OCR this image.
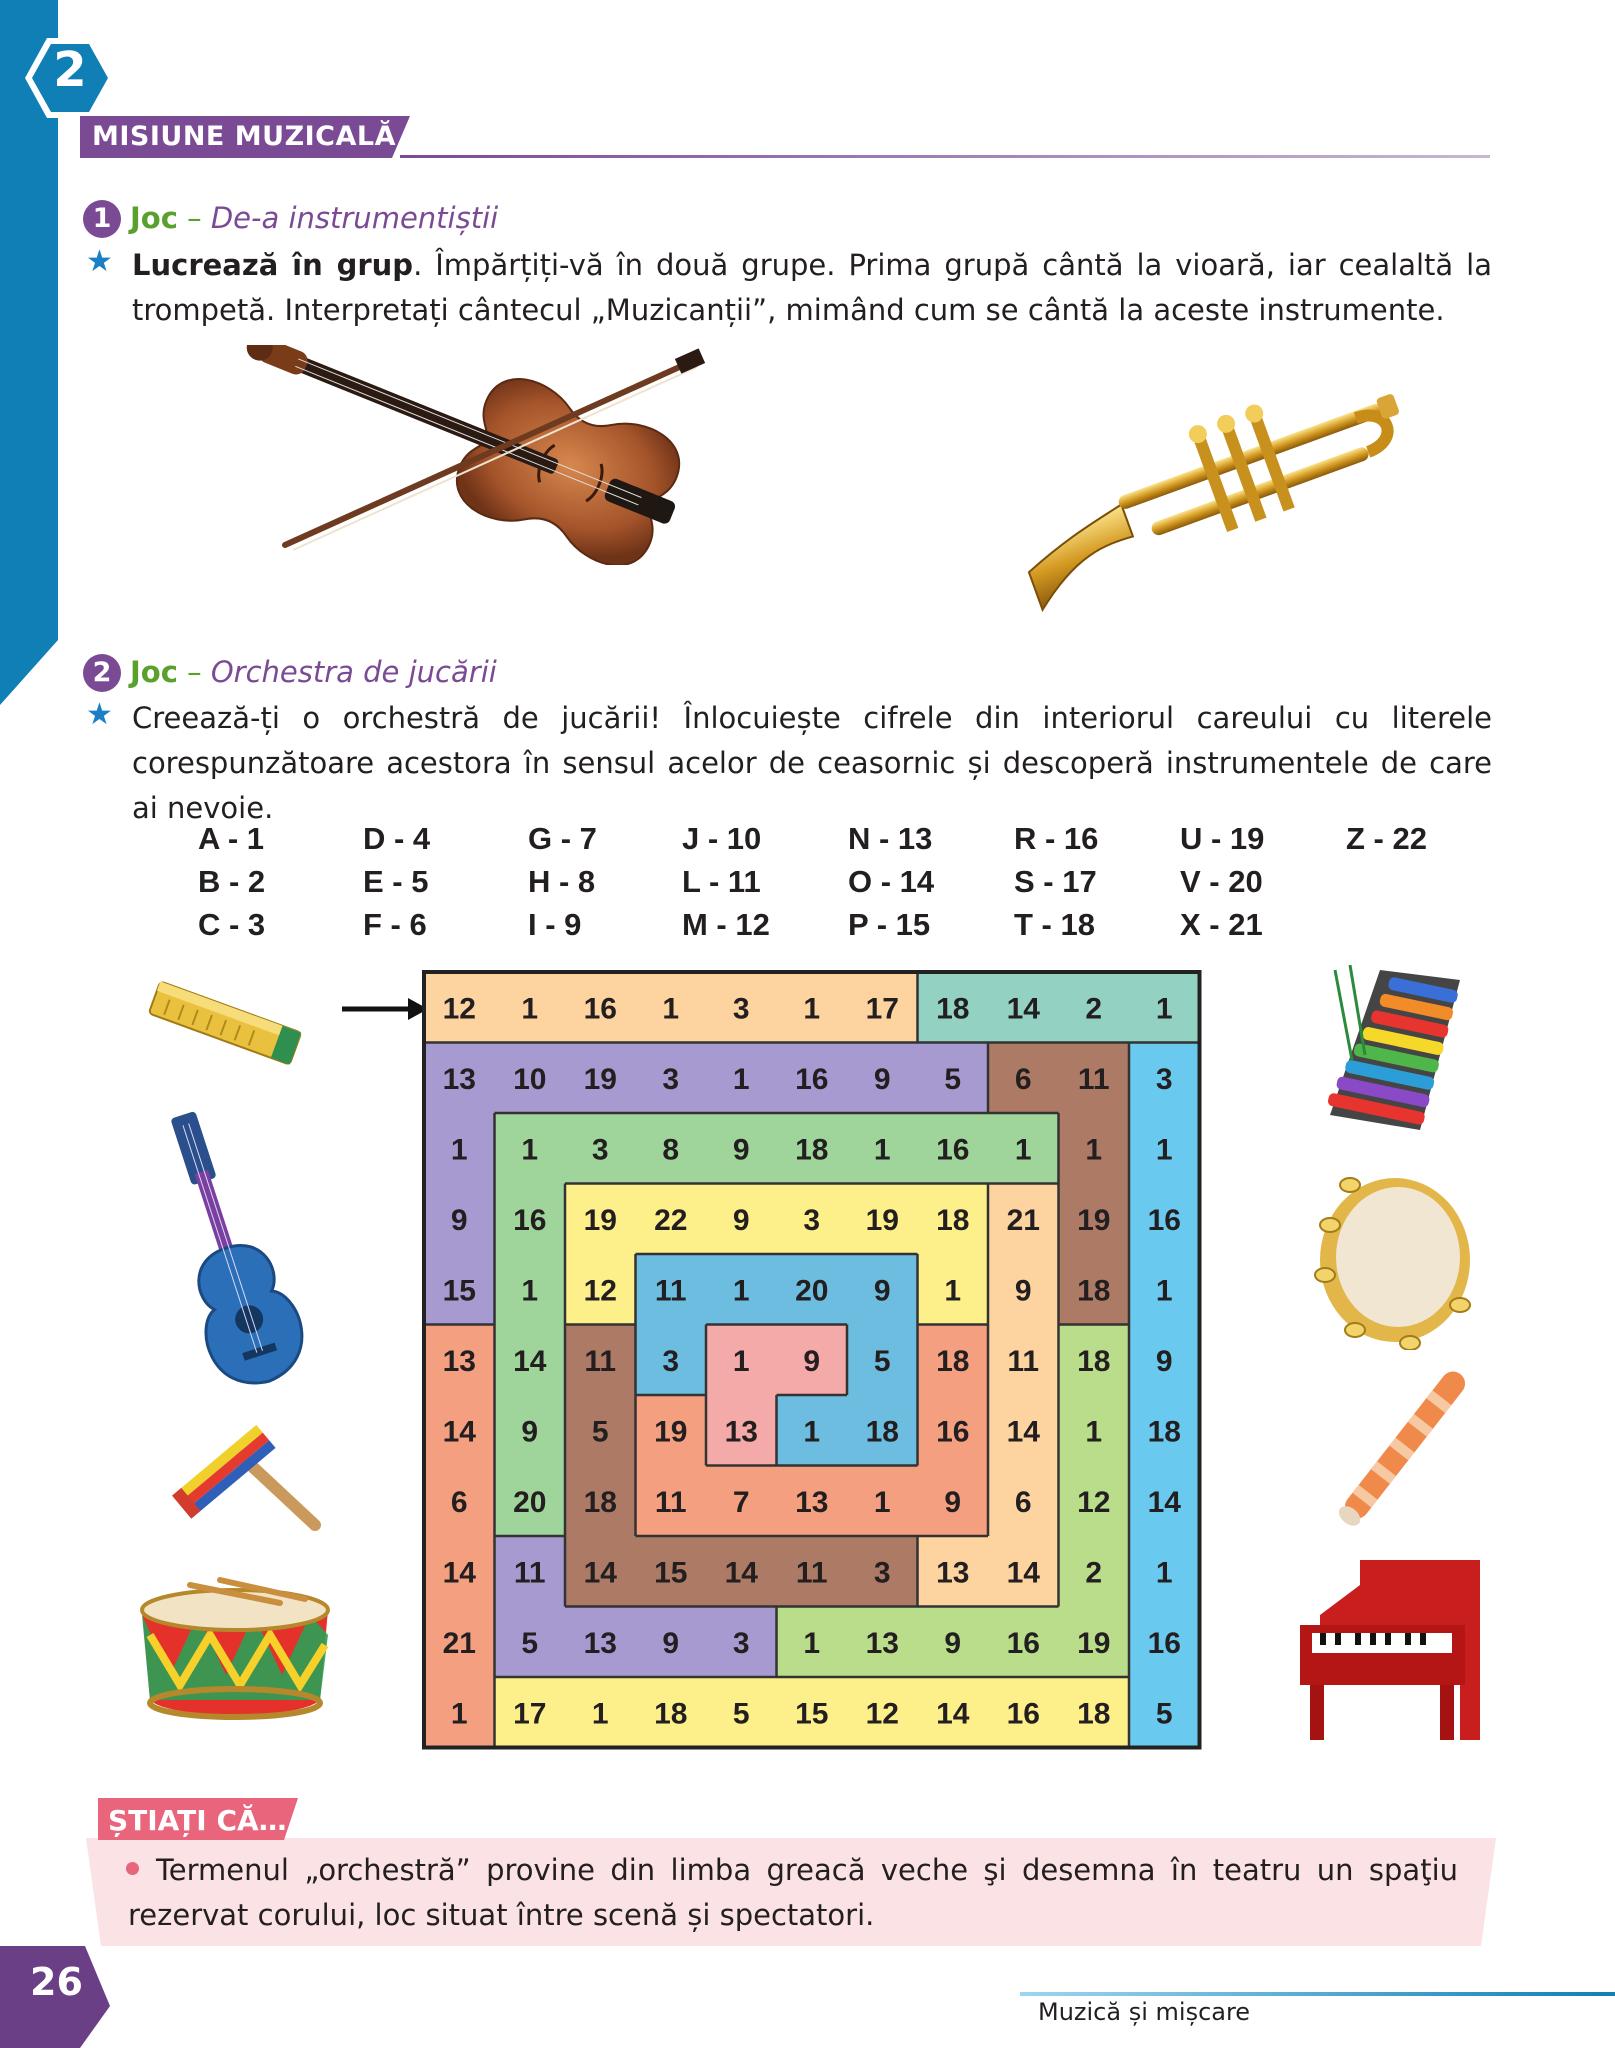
2
MISIUNE MUZICALĂ
1 Joc – De-a instrumentiștii
★ Lucrează în grup. Împărțiți-vă în două grupe. Prima grupă cântă la vioară, iar cealaltă la trompetă. Interpretați cântecul „Muzicanții”, mimând cum se cântă la aceste instrumente.
2 Joc – Orchestra de jucării
★ Creează-ți o orchestră de jucării! Înlocuiește cifrele din interiorul careului cu literele corespunzătoare acestora în sensul acelor de ceasornic și descoperă instrumentele de care ai nevoie.
A - 1
B - 2
C - 3
D - 4
E - 5
F - 6
G - 7
H - 8
I - 9
J - 10
L - 11
M - 12
N - 13
O - 14
P - 15
R - 16
S - 17
T - 18
U - 19
V - 20
X - 21
Z - 22
12 1 16 1 3 1 17 18 14 2 1
13 10 19 3 1 16 9 5 6 11 3
1 1 3 8 9 18 1 16 1 1 1
9 16 19 22 9 3 19 18 21 19 16
15 1 12 11 1 20 9 1 9 18 1
13 14 11 3 1 9 5 18 11 18 9
14 9 5 19 13 1 18 16 14 1 18
6 20 18 11 7 13 1 9 6 12 14
14 11 14 15 14 11 3 13 14 2 1
21 5 13 9 3 1 13 9 16 19 16
1 17 1 18 5 15 12 14 16 18 5
ȘTIAȚI CĂ…
Termenul „orchestră” provine din limba greacă veche şi desemna în teatru un spaţiu rezervat corului, loc situat între scenă și spectatori.
26
Muzică și mișcare
